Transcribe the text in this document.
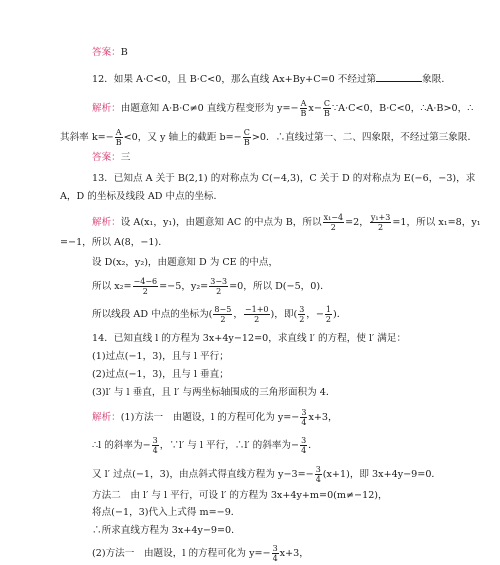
答案：B
12．如果 A·C<0，且 B·C<0，那么直线 Ax+By+C=0 不经过第	象限．
解析：由题意知 A·B·C≠0 直线方程变形为 $y=- \frac{A}{B} x- \frac{C}{B}$ ∵A·C<0，B·C<0，∴A·B>0，∴
其斜率 $k=- \frac{A}{B} <0$，又 y 轴上的截距 $b=- \frac{C}{B} >0$．∴直线过第一、二、四象限，不经过第三象限．
答案：三
13．已知点 A 关于 B(2,1) 的对称点为 C(−4,3)，C 关于 D 的对称点为 E(−6，−3)，求
A，D 的坐标及线段 AD 中点的坐标．
解析：设 A(x₁，y₁)，由题意知 AC 的中点为 B，所以 $\frac{\text{x₁−4}}{2} =2$， $\frac{\text{y₁+3}}{2} =1$，所以 x₁=8，y₁
=−1，所以 A(8，−1)．
设 D(x₂，y₂)，由题意知 D 为 CE 的中点，
所以 $x_2= \frac{-4-6}{2} =-5$，$y_2= \frac{3-3}{2} =0$，所以 D(−5，0)．
所以线段 AD 中点的坐标为( $\frac{8-5}{2}$ ， $\frac{-1+0}{2}$ )，即( $\frac{3}{2}$ ，− $\frac{1}{2}$ )．
14．已知直线 l 的方程为 3x+4y−12=0，求直线 l′ 的方程，使 l′ 满足：
(1)过点(−1，3)，且与 l 平行；
(2)过点(−1，3)，且与 l 垂直；
(3)l′ 与 l 垂直，且 l′ 与两坐标轴围成的三角形面积为 4．
解析：(1)方法一　由题设，l 的方程可化为 $y=- \frac{3}{4} x+3$，
∴l 的斜率为− $\frac{3}{4}$ ，∵l′ 与 l 平行，∴l′ 的斜率为− $\frac{3}{4}$ ．
又 l′ 过点(−1，3)，由点斜式得直线方程为 $y-3=- \frac{3}{4} (x+1)$，即 3x+4y−9=0．
方法二　由 l′ 与 l 平行，可设 l′ 的方程为 3x+4y+m=0(m≠−12)，
将点(−1，3)代入上式得 m=−9．
∴所求直线方程为 3x+4y−9=0．
(2)方法一　由题设，l 的方程可化为 $y=- \frac{3}{4} x+3$，
